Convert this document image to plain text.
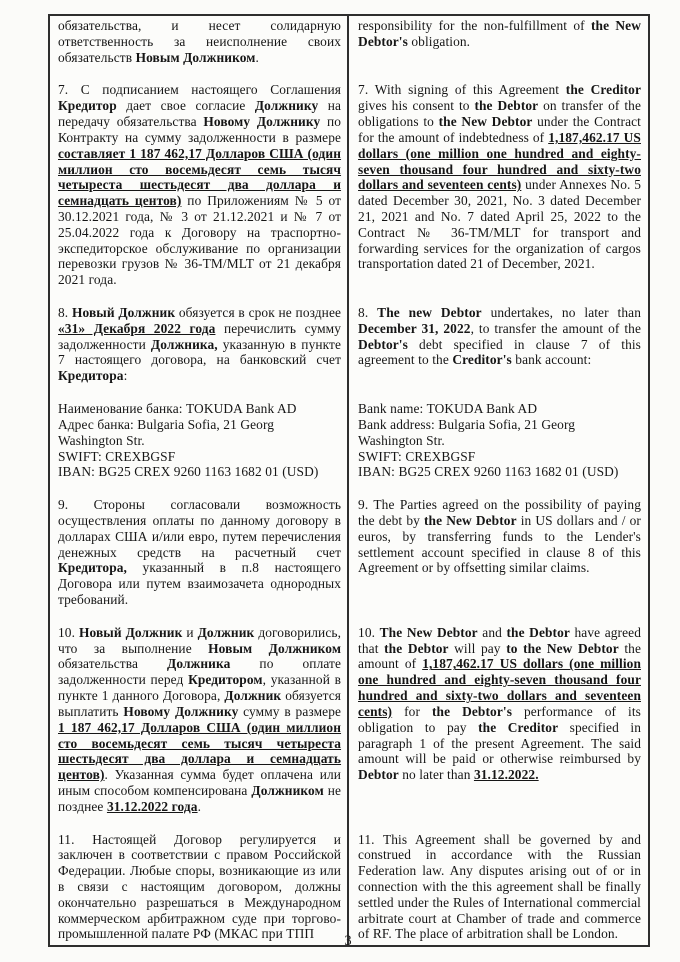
обязательства, и несет солидарную ответственность за неисполнение своих обязательств Новым Должником.

responsibility for the non-fulfillment of the New Debtor's obligation.

7. С подписанием настоящего Соглашения Кредитор дает свое согласие Должнику на передачу обязательства Новому Должнику по Контракту на сумму задолженности в размере составляет 1 187 462,17 Долларов США (один миллион сто восемьдесят семь тысяч четыреста шестьдесят два доллара и семнадцать центов) по Приложениям № 5 от 30.12.2021 года, № 3 от 21.12.2021 и № 7 от 25.04.2022 года к Договору на траспортно-экспедиторское обслуживание по организации перевозки грузов № 36-TM/MLT от 21 декабря 2021 года.

7. With signing of this Agreement the Creditor gives his consent to the Debtor on transfer of the obligations to the New Debtor under the Contract for the amount of indebtedness of 1,187,462.17 US dollars (one million one hundred and eighty-seven thousand four hundred and sixty-two dollars and seventeen cents) under Annexes No. 5 dated December 30, 2021, No. 3 dated December 21, 2021 and No. 7 dated April 25, 2022 to the Contract № 36-TM/MLT for transport and forwarding services for the organization of cargos transportation dated 21 of December, 2021.

8. Новый Должник обязуется в срок не позднее «31» Декабря 2022 года перечислить сумму задолженности Должника, указанную в пункте 7 настоящего договора, на банковский счет Кредитора:

8. The new Debtor undertakes, no later than December 31, 2022, to transfer the amount of the Debtor's debt specified in clause 7 of this agreement to the Creditor's bank account:

Наименование банка: TOKUDA Bank AD
Адрес банка: Bulgaria Sofia, 21 Georg
Washington Str.
SWIFT: CREXBGSF
IBAN: BG25 CREX 9260 1163 1682 01 (USD)

Bank name: TOKUDA Bank AD
Bank address: Bulgaria Sofia, 21 Georg
Washington Str.
SWIFT: CREXBGSF
IBAN: BG25 CREX 9260 1163 1682 01 (USD)

9. Стороны согласовали возможность осуществления оплаты по данному договору в долларах США и/или евро, путем перечисления денежных средств на расчетный счет Кредитора, указанный в п.8 настоящего Договора или путем взаимозачета однородных требований.

9. The Parties agreed on the possibility of paying the debt by the New Debtor in US dollars and / or euros, by transferring funds to the Lender's settlement account specified in clause 8 of this Agreement or by offsetting similar claims.

10. Новый Должник и Должник договорились, что за выполнение Новым Должником обязательства Должника по оплате задолженности перед Кредитором, указанной в пункте 1 данного Договора, Должник обязуется выплатить Новому Должнику сумму в размере 1 187 462,17 Долларов США (один миллион сто восемьдесят семь тысяч четыреста шестьдесят два доллара и семнадцать центов). Указанная сумма будет оплачена или иным способом компенсирована Должником не позднее 31.12.2022 года.

10. The New Debtor and the Debtor have agreed that the Debtor will pay to the New Debtor the amount of 1,187,462.17 US dollars (one million one hundred and eighty-seven thousand four hundred and sixty-two dollars and seventeen cents) for the Debtor's performance of its obligation to pay the Creditor specified in paragraph 1 of the present Agreement. The said amount will be paid or otherwise reimbursed by Debtor no later than 31.12.2022.

11. Настоящей Договор регулируется и заключен в соответствии с правом Российской Федерации. Любые споры, возникающие из или в связи с настоящим договором, должны окончательно разрешаться в Международном коммерческом арбитражном суде при торгово-промышленной палате РФ (МКАС при ТПП

11. This Agreement shall be governed by and construed in accordance with the Russian Federation law. Any disputes arising out of or in connection with the this agreement shall be finally settled under the Rules of International commercial arbitrate court at Chamber of trade and commerce of RF. The place of arbitration shall be London.

3
